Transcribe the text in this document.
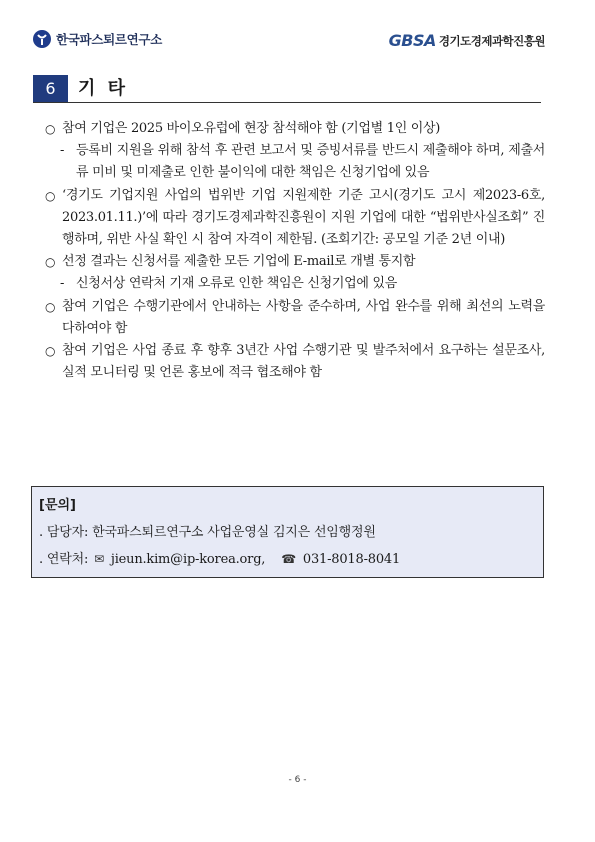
한국파스퇴르연구소	GBSA 경기도경제과학진흥원
6	기 타
○ 참여 기업은 2025 바이오유럽에 현장 참석해야 함 (기업별 1인 이상)
- 등록비 지원을 위해 참석 후 관련 보고서 및 증빙서류를 반드시 제출해야 하며, 제출서류 미비 및 미제출로 인한 불이익에 대한 책임은 신청기업에 있음
○ ‘경기도 기업지원 사업의 법위반 기업 지원제한 기준 고시(경기도 고시 제2023-6호, 2023.01.11.)’에 따라 경기도경제과학진흥원이 지원 기업에 대한 “법위반사실조회” 진행하며, 위반 사실 확인 시 참여 자격이 제한됨. (조회기간: 공모일 기준 2년 이내)
○ 선정 결과는 신청서를 제출한 모든 기업에 E-mail로 개별 통지함
- 신청서상 연락처 기재 오류로 인한 책임은 신청기업에 있음
○ 참여 기업은 수행기관에서 안내하는 사항을 준수하며, 사업 완수를 위해 최선의 노력을 다하여야 함
○ 참여 기업은 사업 종료 후 향후 3년간 사업 수행기관 및 발주처에서 요구하는 설문조사, 실적 모니터링 및 언론 홍보에 적극 협조해야 함
[문의]
. 담당자: 한국파스퇴르연구소 사업운영실 김지은 선임행정원
. 연락처: ✉ jieun.kim@ip-korea.org, ☎ 031-8018-8041
- 6 -
